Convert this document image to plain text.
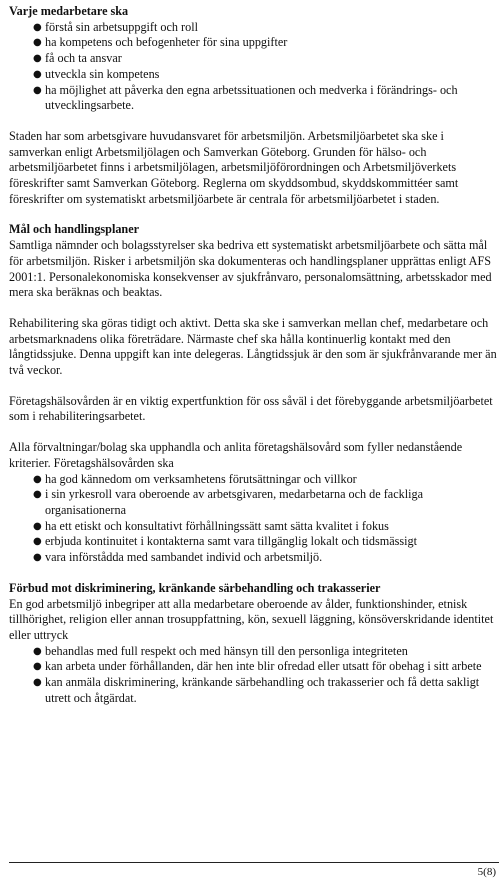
Varje medarbetare ska

● förstå sin arbetsuppgift och roll
● ha kompetens och befogenheter för sina uppgifter
● få och ta ansvar
● utveckla sin kompetens
● ha möjlighet att påverka den egna arbetssituationen och medverka i förändrings- och utvecklingsarbete.

Staden har som arbetsgivare huvudansvaret för arbetsmiljön. Arbetsmiljöarbetet ska ske i samverkan enligt Arbetsmiljölagen och Samverkan Göteborg. Grunden för hälso- och arbetsmiljöarbetet finns i arbetsmiljölagen, arbetsmiljöförordningen och Arbetsmiljöverkets föreskrifter samt Samverkan Göteborg. Reglerna om skyddsombud, skyddskommittéer samt föreskrifter om systematiskt arbetsmiljöarbete är centrala för arbetsmiljöarbetet i staden.

Mål och handlingsplaner

Samtliga nämnder och bolagsstyrelser ska bedriva ett systematiskt arbetsmiljöarbete och sätta mål för arbetsmiljön. Risker i arbetsmiljön ska dokumenteras och handlingsplaner upprättas enligt AFS 2001:1. Personalekonomiska konsekvenser av sjukfrånvaro, personalomsättning, arbetsskador med mera ska beräknas och beaktas.

Rehabilitering ska göras tidigt och aktivt. Detta ska ske i samverkan mellan chef, medarbetare och arbetsmarknadens olika företrädare. Närmaste chef ska hålla kontinuerlig kontakt med den långtidssjuke. Denna uppgift kan inte delegeras. Långtidssjuk är den som är sjukfrånvarande mer än två veckor.

Företagshälsovården är en viktig expertfunktion för oss såväl i det förebyggande arbetsmiljöarbetet som i rehabiliteringsarbetet.

Alla förvaltningar/bolag ska upphandla och anlita företagshälsovård som fyller nedanstående kriterier. Företagshälsovården ska

● ha god kännedom om verksamhetens förutsättningar och villkor
● i sin yrkesroll vara oberoende av arbetsgivaren, medarbetarna och de fackliga organisationerna
● ha ett etiskt och konsultativt förhållningssätt samt sätta kvalitet i fokus
● erbjuda kontinuitet i kontakterna samt vara tillgänglig lokalt och tidsmässigt
● vara införstådda med sambandet individ och arbetsmiljö.

Förbud mot diskriminering, kränkande särbehandling och trakasserier

En god arbetsmiljö inbegriper att alla medarbetare oberoende av ålder, funktionshinder, etnisk tillhörighet, religion eller annan trosuppfattning, kön, sexuell läggning, könsöverskridande identitet eller uttryck

● behandlas med full respekt och med hänsyn till den personliga integriteten
● kan arbeta under förhållanden, där hen inte blir ofredad eller utsatt för obehag i sitt arbete
● kan anmäla diskriminering, kränkande särbehandling och trakasserier och få detta sakligt utrett och åtgärdat.
5(8)
